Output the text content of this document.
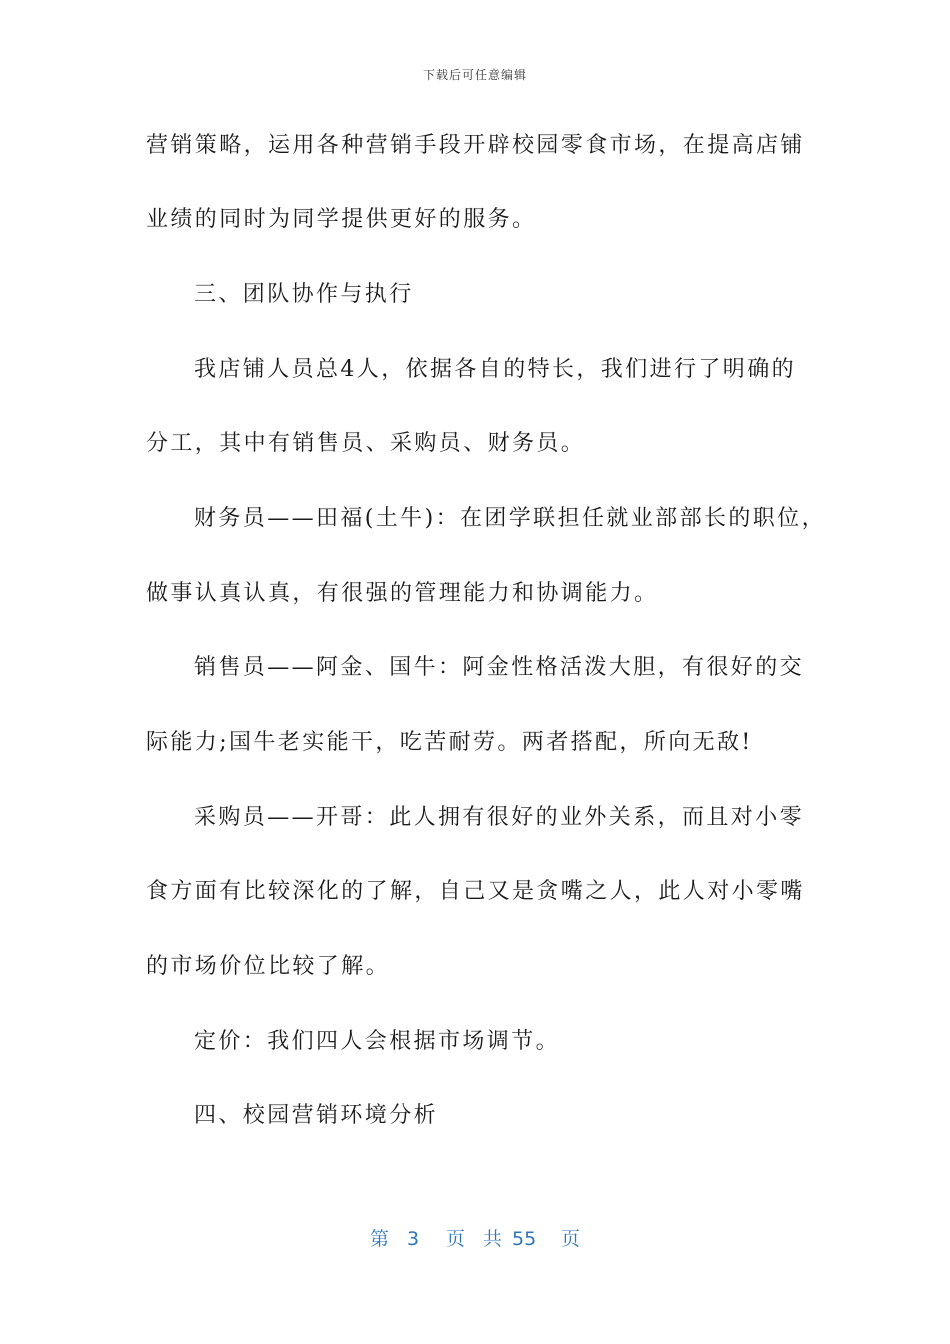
下载后可任意编辑
营销策略，运用各种营销手段开辟校园零食市场，在提高店铺
业绩的同时为同学提供更好的服务。
三、团队协作与执行
我店铺人员总4人，依据各自的特长，我们进行了明确的
分工，其中有销售员、采购员、财务员。
财务员——田福(土牛)：在团学联担任就业部部长的职位，
做事认真认真，有很强的管理能力和协调能力。
销售员——阿金、国牛：阿金性格活泼大胆，有很好的交
际能力;国牛老实能干，吃苦耐劳。两者搭配，所向无敌!
采购员——开哥：此人拥有很好的业外关系，而且对小零
食方面有比较深化的了解，自己又是贪嘴之人，此人对小零嘴
的市场价位比较了解。
定价：我们四人会根据市场调节。
四、校园营销环境分析
第 3 页 共 55 页
